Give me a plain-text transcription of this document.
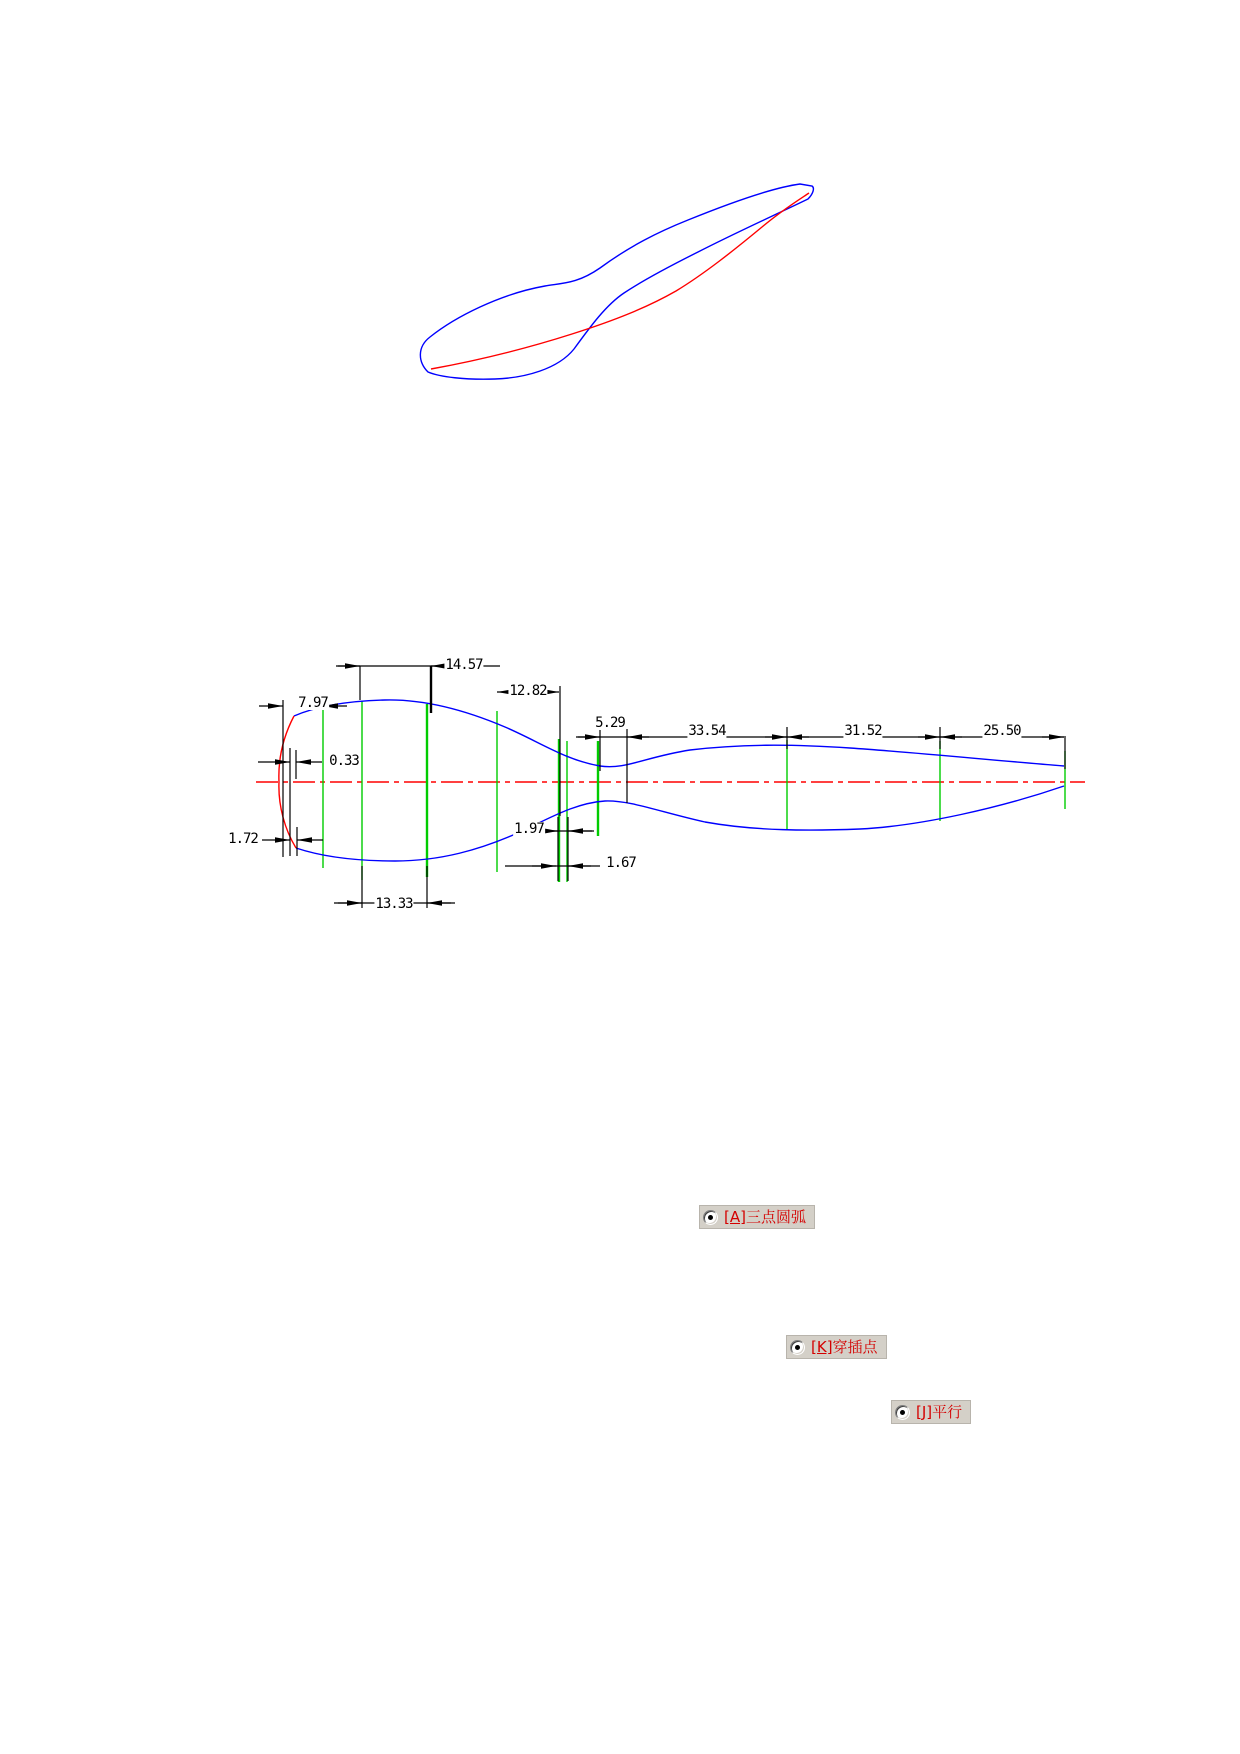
14.57
12.82
7.97
0.33
1.72
5.29	33.54	31.52	25.50
13.33
1.97
1.67
[A]三点圆弧
[K]穿插点
[J]平行
